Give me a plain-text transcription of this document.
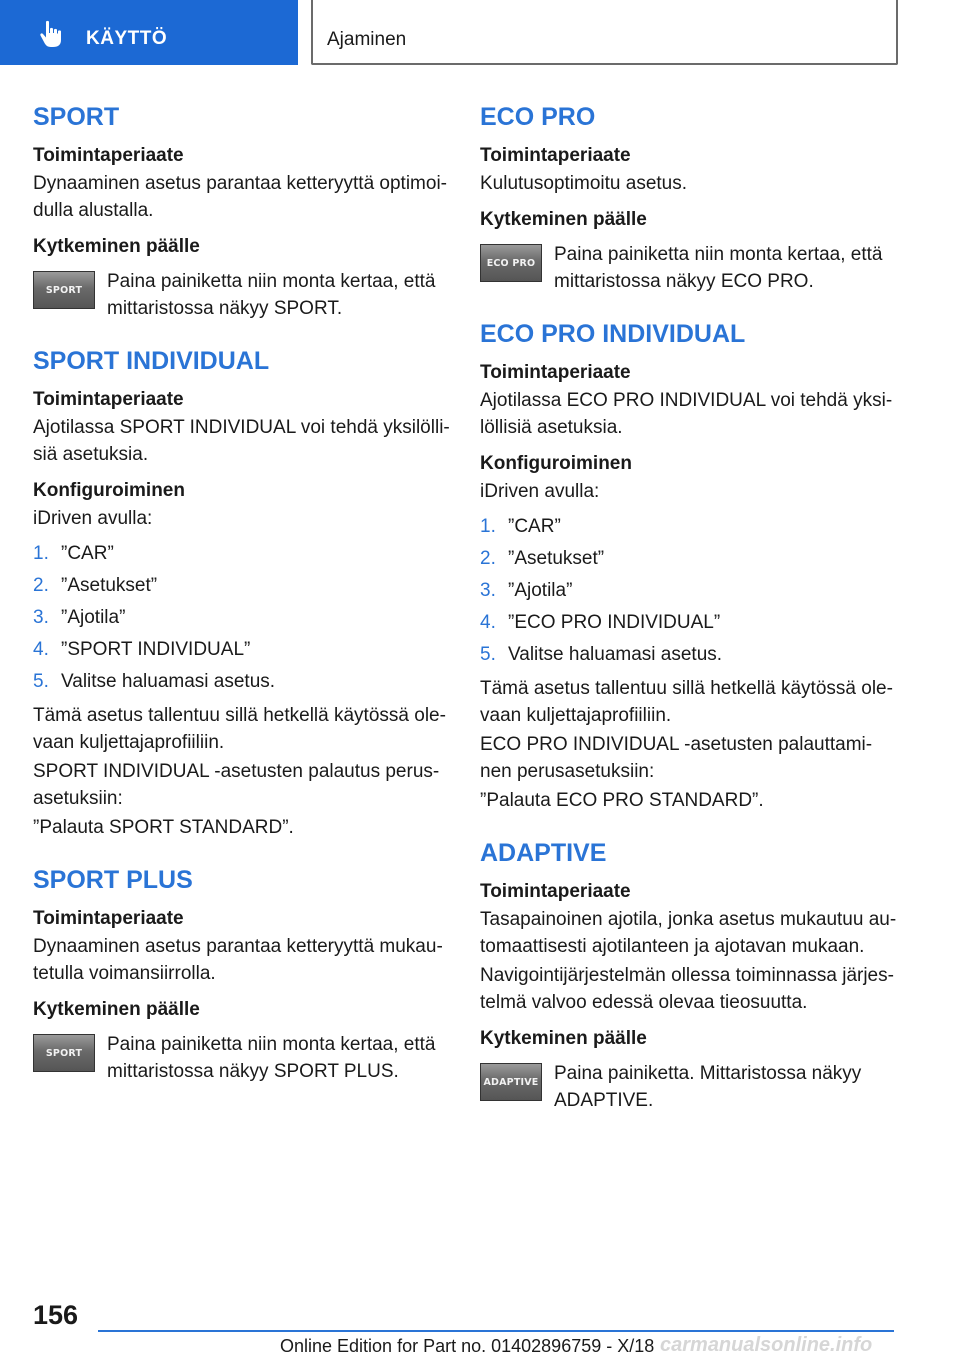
KÄYTTÖ	Ajaminen
SPORT
Toimintaperiaate

Dynaaminen asetus parantaa ketteryyttä optimoi-dulla alustalla.

Kytkeminen päälle
SPORT Paina painiketta niin monta kertaa, että mittaristossa näkyy SPORT.

SPORT INDIVIDUAL
Toimintaperiaate

Ajotilassa SPORT INDIVIDUAL voi tehdä yksilölli-siä asetuksia.

Konfiguroiminen

iDriven avulla:

1. ”CAR”
2. ”Asetukset”
3. ”Ajotila”
4. ”SPORT INDIVIDUAL”
5. Valitse haluamasi asetus.

Tämä asetus tallentuu sillä hetkellä käytössä ole-vaan kuljettajaprofiiliin.

SPORT INDIVIDUAL -asetusten palautus perus-asetuksiin:

”Palauta SPORT STANDARD”.

SPORT PLUS
Toimintaperiaate

Dynaaminen asetus parantaa ketteryyttä mukau-tetulla voimansiirrolla.

Kytkeminen päälle
SPORT Paina painiketta niin monta kertaa, että mittaristossa näkyy SPORT PLUS.

ECO PRO
Toimintaperiaate

Kulutusoptimoitu asetus.

Kytkeminen päälle
ECO PRO Paina painiketta niin monta kertaa, että mittaristossa näkyy ECO PRO.

ECO PRO INDIVIDUAL
Toimintaperiaate

Ajotilassa ECO PRO INDIVIDUAL voi tehdä yksi-löllisiä asetuksia.

Konfiguroiminen

iDriven avulla:

1. ”CAR”
2. ”Asetukset”
3. ”Ajotila”
4. ”ECO PRO INDIVIDUAL”
5. Valitse haluamasi asetus.

Tämä asetus tallentuu sillä hetkellä käytössä ole-vaan kuljettajaprofiiliin.

ECO PRO INDIVIDUAL -asetusten palauttami-nen perusasetuksiin:

”Palauta ECO PRO STANDARD”.

ADAPTIVE
Toimintaperiaate

Tasapainoinen ajotila, jonka asetus mukautuu au-tomaattisesti ajotilanteen ja ajotavan mukaan.

Navigointijärjestelmän ollessa toiminnassa järjes-telmä valvoo edessä olevaa tieosuutta.

Kytkeminen päälle
ADAPTIVE Paina painiketta. Mittaristossa näkyy ADAPTIVE.

156
Online Edition for Part no. 01402896759 - X/18 carmanualsonline.info
